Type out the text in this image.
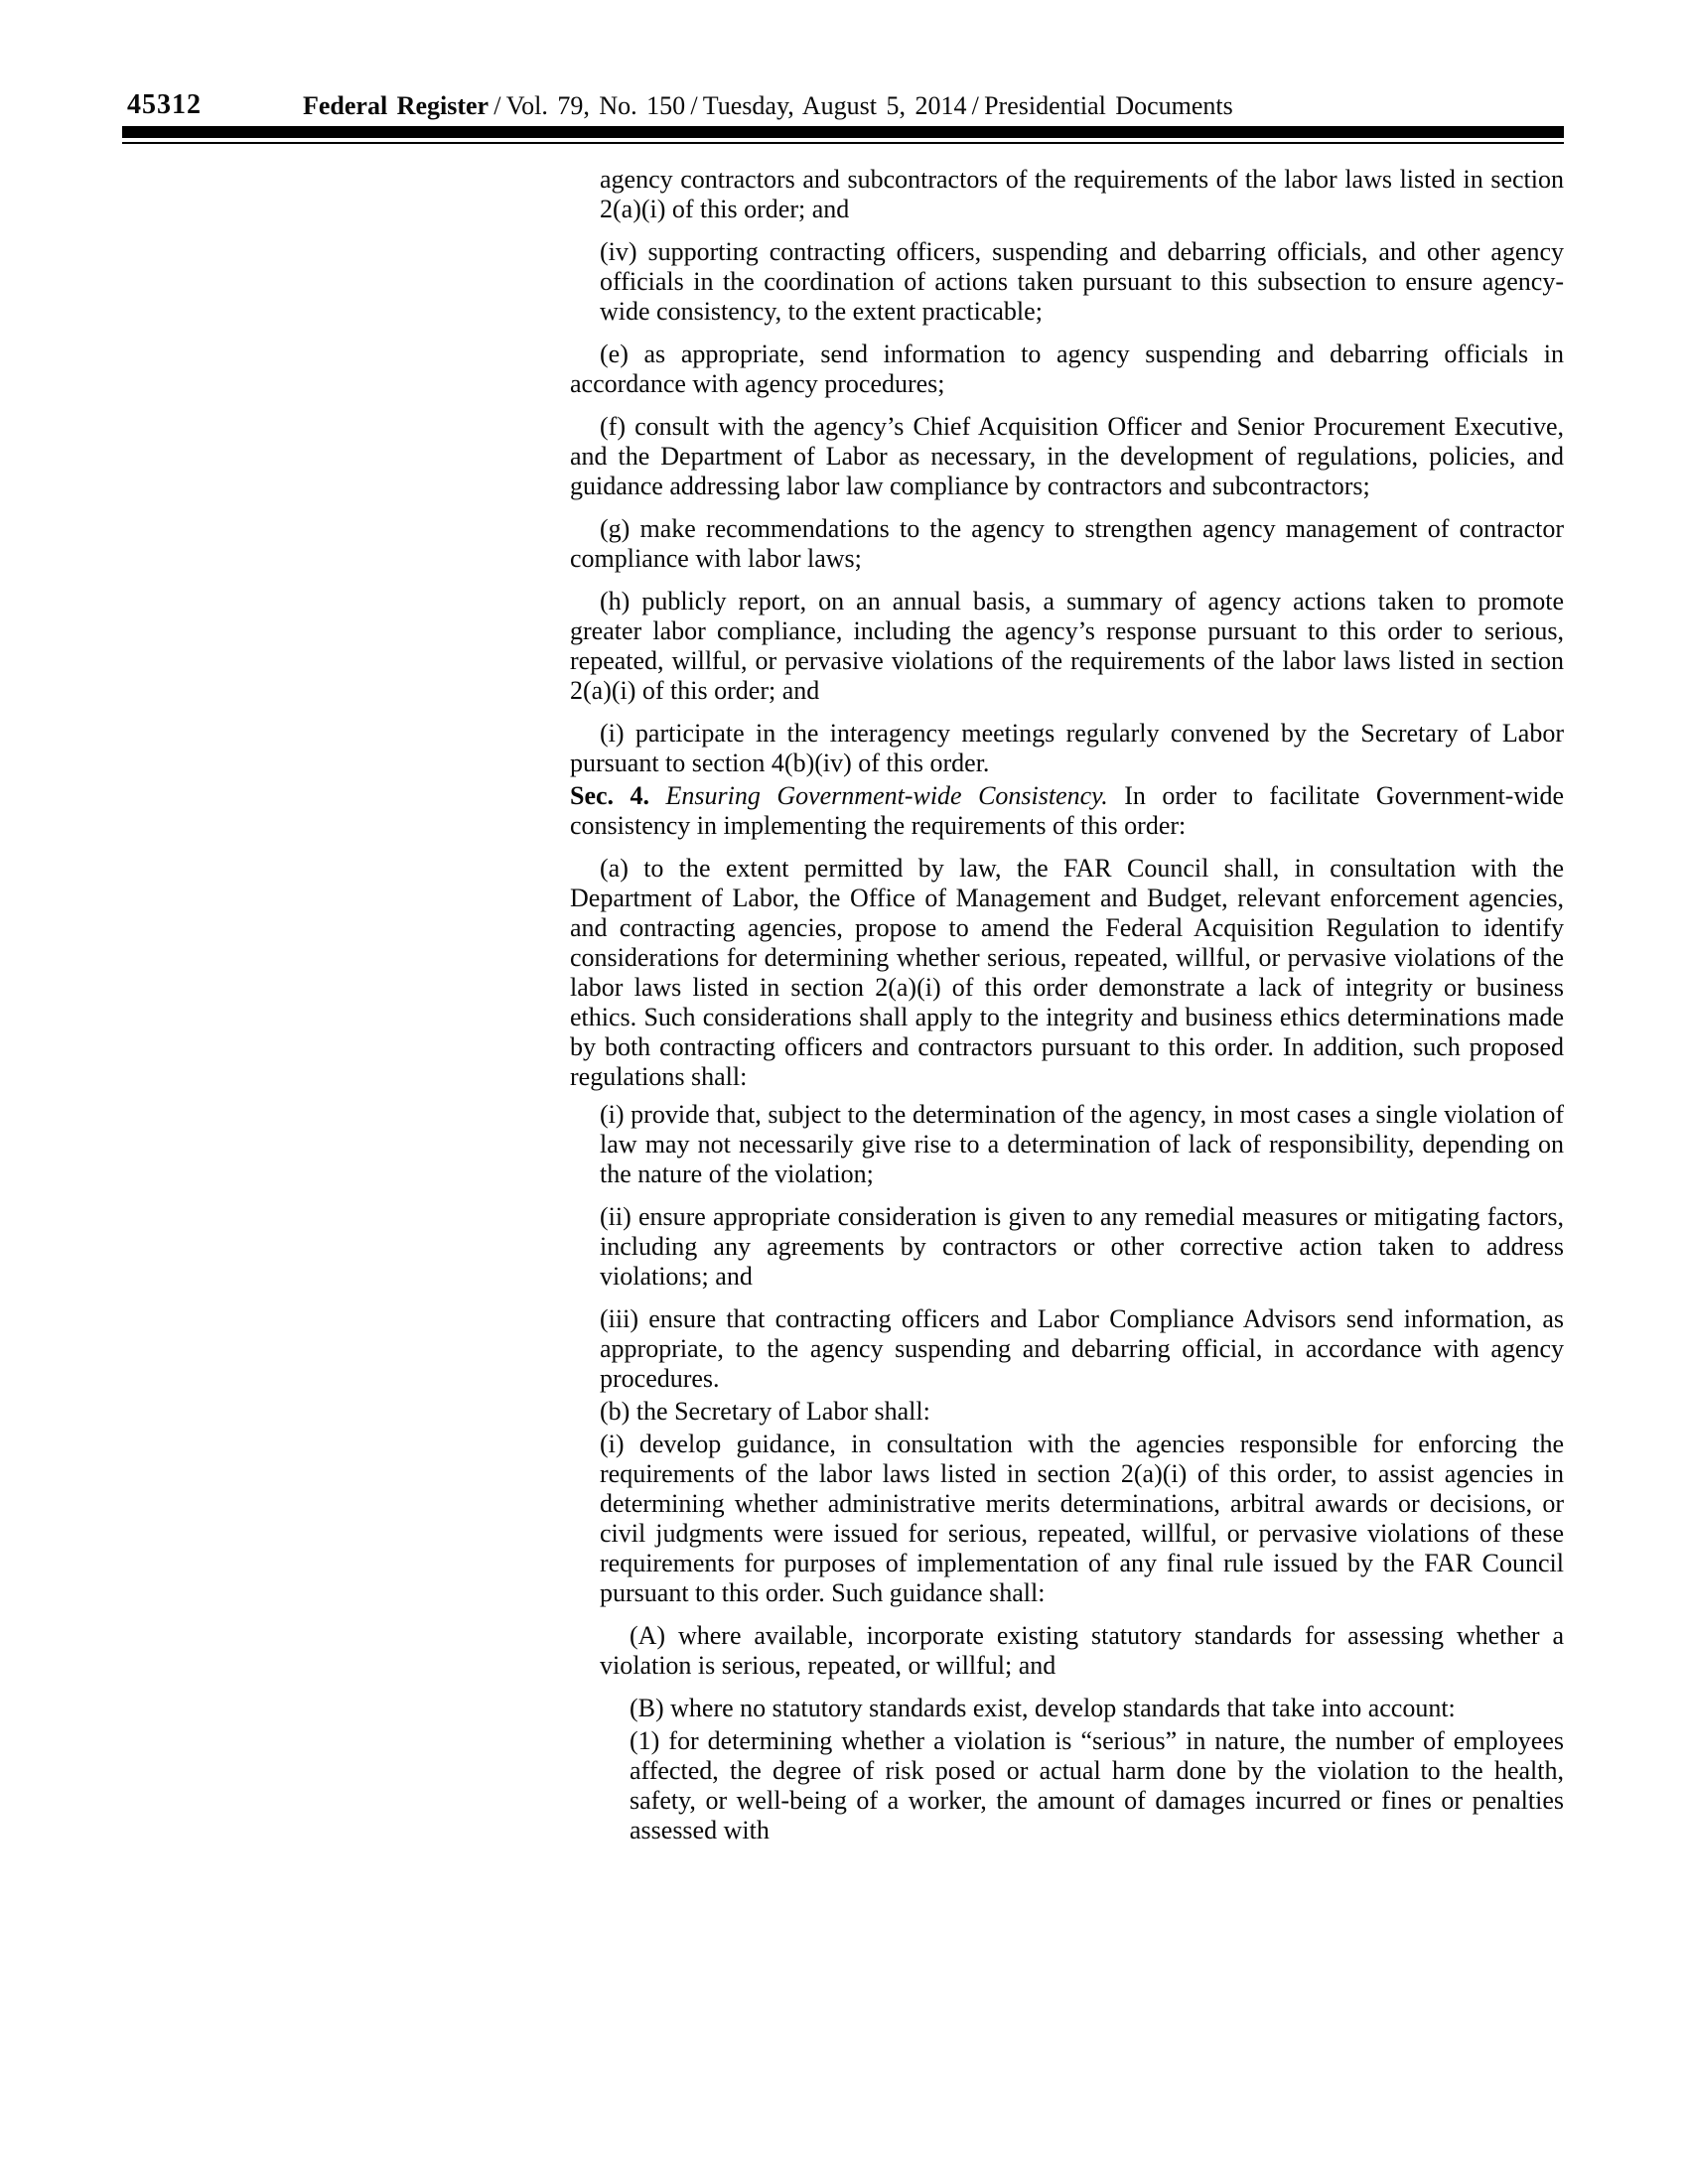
45312	Federal Register / Vol. 79, No. 150 / Tuesday, August 5, 2014 / Presidential Documents

agency contractors and subcontractors of the requirements of the labor laws listed in section 2(a)(i) of this order; and

(iv) supporting contracting officers, suspending and debarring officials, and other agency officials in the coordination of actions taken pursuant to this subsection to ensure agency-wide consistency, to the extent practicable;

(e) as appropriate, send information to agency suspending and debarring officials in accordance with agency procedures;

(f) consult with the agency’s Chief Acquisition Officer and Senior Procurement Executive, and the Department of Labor as necessary, in the development of regulations, policies, and guidance addressing labor law compliance by contractors and subcontractors;

(g) make recommendations to the agency to strengthen agency management of contractor compliance with labor laws;

(h) publicly report, on an annual basis, a summary of agency actions taken to promote greater labor compliance, including the agency’s response pursuant to this order to serious, repeated, willful, or pervasive violations of the requirements of the labor laws listed in section 2(a)(i) of this order; and

(i) participate in the interagency meetings regularly convened by the Secretary of Labor pursuant to section 4(b)(iv) of this order.

Sec. 4. Ensuring Government-wide Consistency. In order to facilitate Government-wide consistency in implementing the requirements of this order:

(a) to the extent permitted by law, the FAR Council shall, in consultation with the Department of Labor, the Office of Management and Budget, relevant enforcement agencies, and contracting agencies, propose to amend the Federal Acquisition Regulation to identify considerations for determining whether serious, repeated, willful, or pervasive violations of the labor laws listed in section 2(a)(i) of this order demonstrate a lack of integrity or business ethics. Such considerations shall apply to the integrity and business ethics determinations made by both contracting officers and contractors pursuant to this order. In addition, such proposed regulations shall:

(i) provide that, subject to the determination of the agency, in most cases a single violation of law may not necessarily give rise to a determination of lack of responsibility, depending on the nature of the violation;

(ii) ensure appropriate consideration is given to any remedial measures or mitigating factors, including any agreements by contractors or other corrective action taken to address violations; and

(iii) ensure that contracting officers and Labor Compliance Advisors send information, as appropriate, to the agency suspending and debarring official, in accordance with agency procedures.

(b) the Secretary of Labor shall:

(i) develop guidance, in consultation with the agencies responsible for enforcing the requirements of the labor laws listed in section 2(a)(i) of this order, to assist agencies in determining whether administrative merits determinations, arbitral awards or decisions, or civil judgments were issued for serious, repeated, willful, or pervasive violations of these requirements for purposes of implementation of any final rule issued by the FAR Council pursuant to this order. Such guidance shall:

(A) where available, incorporate existing statutory standards for assessing whether a violation is serious, repeated, or willful; and

(B) where no statutory standards exist, develop standards that take into account:

(1) for determining whether a violation is “serious” in nature, the number of employees affected, the degree of risk posed or actual harm done by the violation to the health, safety, or well-being of a worker, the amount of damages incurred or fines or penalties assessed with
